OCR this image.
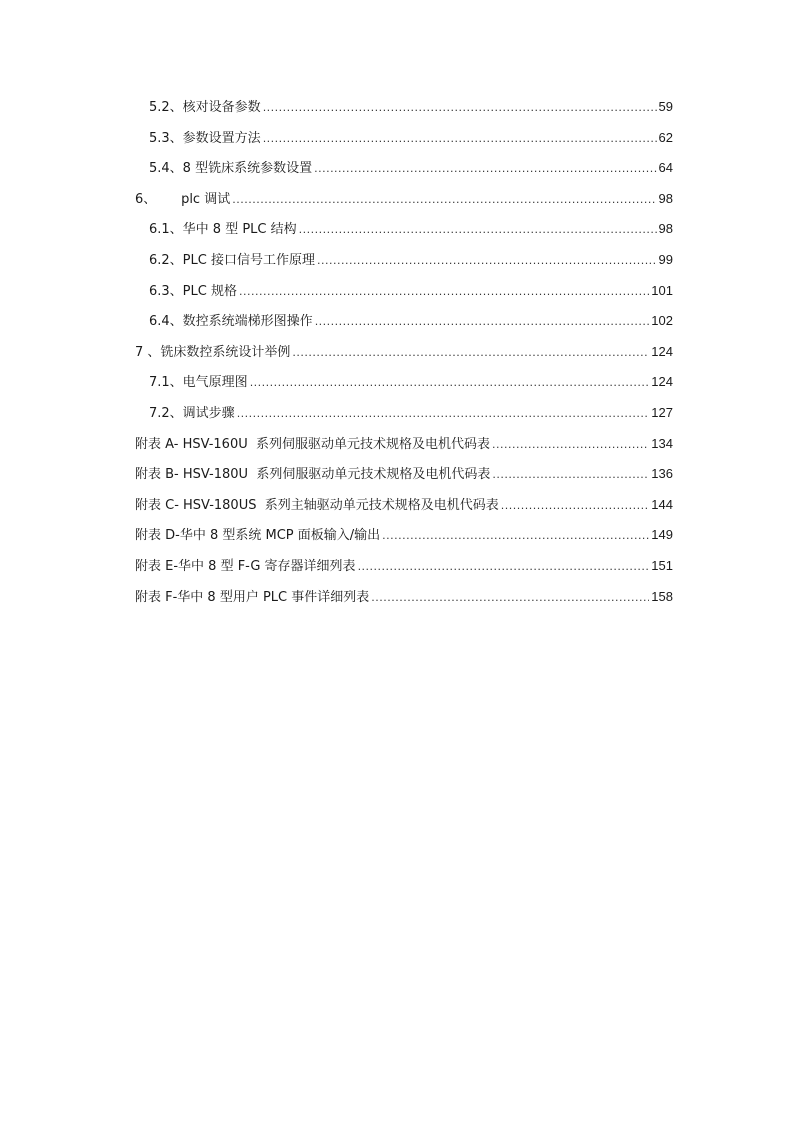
5.2、核对设备参数 .....	59
5.3、参数设置方法 .....	62
5.4、8 型铣床系统参数设置 .....	64
6、      plc 调试 .....	98
6.1、华中 8 型 PLC 结构 .....	98
6.2、PLC 接口信号工作原理 .....	99
6.3、PLC 规格 .....	101
6.4、数控系统端梯形图操作 .....	102
7 、铣床数控系统设计举例 .....	124
7.1、电气原理图 .....	124
7.2、调试步骤 .....	127
附表 A- HSV-160U  系列伺服驱动单元技术规格及电机代码表 .....	134
附表 B- HSV-180U  系列伺服驱动单元技术规格及电机代码表 .....	136
附表 C- HSV-180US  系列主轴驱动单元技术规格及电机代码表 .....	144
附表 D-华中 8 型系统 MCP 面板输入/输出 .....	149
附表 E-华中 8 型 F-G 寄存器详细列表 .....	151
附表 F-华中 8 型用户 PLC 事件详细列表 .....	158
